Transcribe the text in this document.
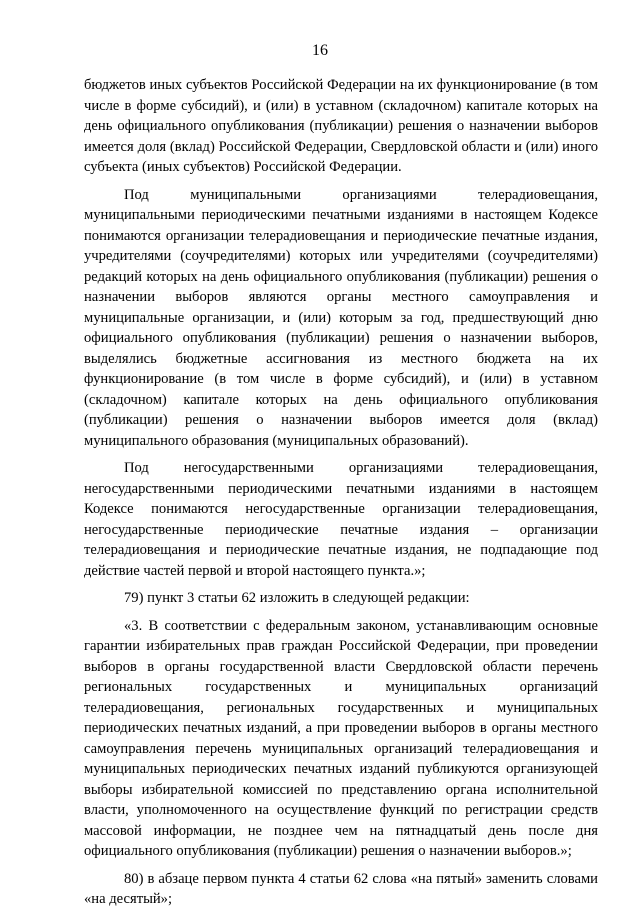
16

бюджетов иных субъектов Российской Федерации на их функционирование (в том числе в форме субсидий), и (или) в уставном (складочном) капитале которых на день официального опубликования (публикации) решения о назначении выборов имеется доля (вклад) Российской Федерации, Свердловской области и (или) иного субъекта (иных субъектов) Российской Федерации.

Под муниципальными организациями телерадиовещания, муниципальными периодическими печатными изданиями в настоящем Кодексе понимаются организации телерадиовещания и периодические печатные издания, учредителями (соучредителями) которых или учредителями (соучредителями) редакций которых на день официального опубликования (публикации) решения о назначении выборов являются органы местного самоуправления и муниципальные организации, и (или) которым за год, предшествующий дню официального опубликования (публикации) решения о назначении выборов, выделялись бюджетные ассигнования из местного бюджета на их функционирование (в том числе в форме субсидий), и (или) в уставном (складочном) капитале которых на день официального опубликования (публикации) решения о назначении выборов имеется доля (вклад) муниципального образования (муниципальных образований).

Под негосударственными организациями телерадиовещания, негосударственными периодическими печатными изданиями в настоящем Кодексе понимаются негосударственные организации телерадиовещания, негосударственные периодические печатные издания – организации телерадиовещания и периодические печатные издания, не подпадающие под действие частей первой и второй настоящего пункта.»;

79) пункт 3 статьи 62 изложить в следующей редакции:

«3. В соответствии с федеральным законом, устанавливающим основные гарантии избирательных прав граждан Российской Федерации, при проведении выборов в органы государственной власти Свердловской области перечень региональных государственных и муниципальных организаций телерадиовещания, региональных государственных и муниципальных периодических печатных изданий, а при проведении выборов в органы местного самоуправления перечень муниципальных организаций телерадиовещания и муниципальных периодических печатных изданий публикуются организующей выборы избирательной комиссией по представлению органа исполнительной власти, уполномоченного на осуществление функций по регистрации средств массовой информации, не позднее чем на пятнадцатый день после дня официального опубликования (публикации) решения о назначении выборов.»;

80) в абзаце первом пункта 4 статьи 62 слова «на пятый» заменить словами «на десятый»;
